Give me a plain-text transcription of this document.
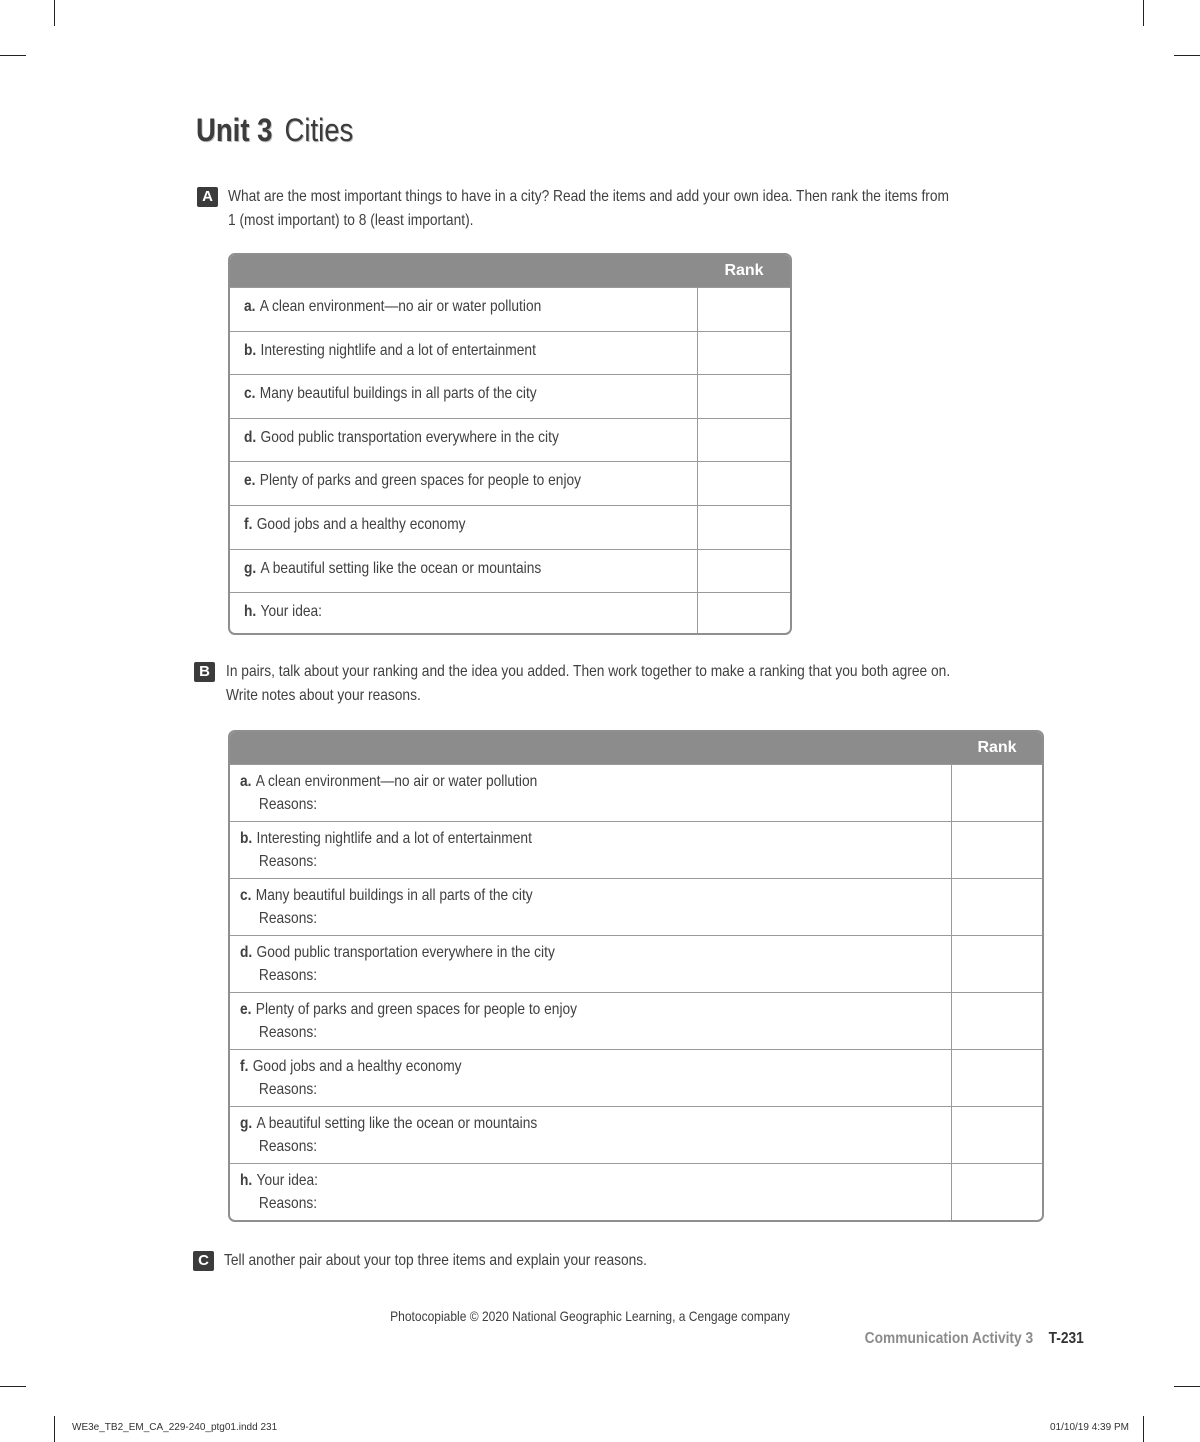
Unit 3 Cities
A What are the most important things to have in a city? Read the items and add your own idea. Then rank the items from
1 (most important) to 8 (least important).
Rank
a. A clean environment—no air or water pollution
b. Interesting nightlife and a lot of entertainment
c. Many beautiful buildings in all parts of the city
d. Good public transportation everywhere in the city
e. Plenty of parks and green spaces for people to enjoy
f. Good jobs and a healthy economy
g. A beautiful setting like the ocean or mountains
h. Your idea:
B	In pairs, talk about your ranking and the idea you added. Then work together to make a ranking that you both agree on.
Write notes about your reasons.
Rank
a. A clean environment—no air or water pollution
Reasons:
b. Interesting nightlife and a lot of entertainment
Reasons:
c. Many beautiful buildings in all parts of the city
Reasons:
d. Good public transportation everywhere in the city
Reasons:
e. Plenty of parks and green spaces for people to enjoy
Reasons:
f. Good jobs and a healthy economy
Reasons:
g. A beautiful setting like the ocean or mountains
Reasons:
h. Your idea:
Reasons:
C Tell another pair about your top three items and explain your reasons.
Photocopiable © 2020 National Geographic Learning, a Cengage company
Communication Activity 3 T-231
WE3e_TB2_EM_CA_229-240_ptg01.indd 231	01/10/19 4:39 PM
